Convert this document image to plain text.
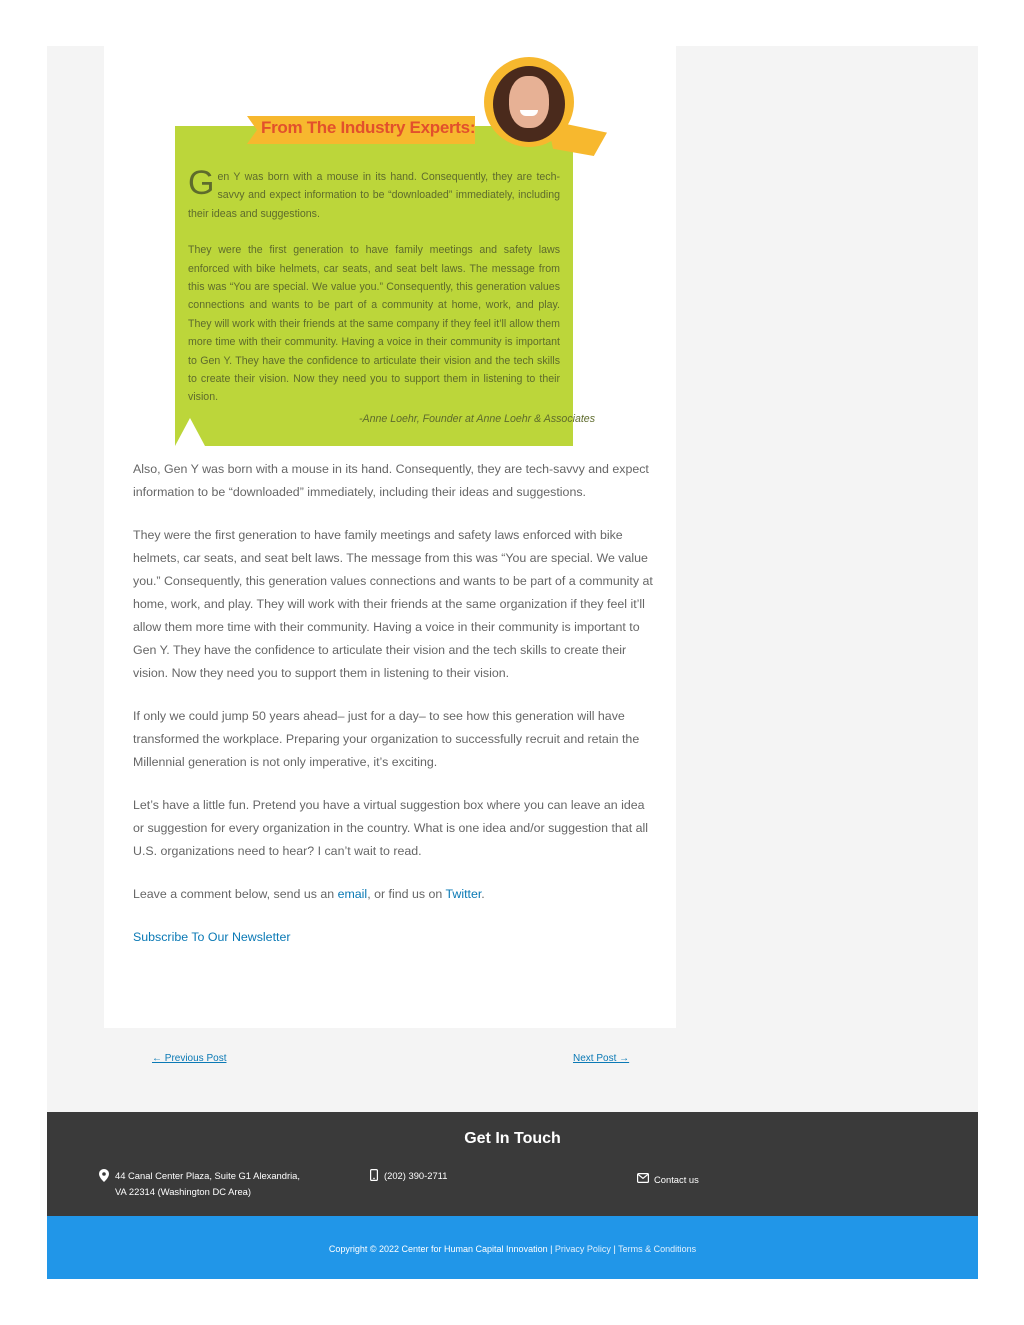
From The Industry Experts:

Gen Y was born with a mouse in its hand. Consequently, they are tech-savvy and expect information to be “downloaded” immediately, including their ideas and suggestions.

They were the first generation to have family meetings and safety laws enforced with bike helmets, car seats, and seat belt laws. The message from this was “You are special. We value you.” Consequently, this generation values connections and wants to be part of a community at home, work, and play. They will work with their friends at the same company if they feel it’ll allow them more time with their community. Having a voice in their community is important to Gen Y. They have the confidence to articulate their vision and the tech skills to create their vision. Now they need you to support them in listening to their vision.

-Anne Loehr, Founder at Anne Loehr & Associates

Also, Gen Y was born with a mouse in its hand. Consequently, they are tech-savvy and expect information to be “downloaded” immediately, including their ideas and suggestions.

They were the first generation to have family meetings and safety laws enforced with bike helmets, car seats, and seat belt laws. The message from this was “You are special. We value you.” Consequently, this generation values connections and wants to be part of a community at home, work, and play. They will work with their friends at the same organization if they feel it’ll allow them more time with their community. Having a voice in their community is important to Gen Y. They have the confidence to articulate their vision and the tech skills to create their vision. Now they need you to support them in listening to their vision.

If only we could jump 50 years ahead– just for a day– to see how this generation will have transformed the workplace. Preparing your organization to successfully recruit and retain the Millennial generation is not only imperative, it’s exciting.

Let’s have a little fun. Pretend you have a virtual suggestion box where you can leave an idea or suggestion for every organization in the country. What is one idea and/or suggestion that all U.S. organizations need to hear? I can’t wait to read.

Leave a comment below, send us an email, or find us on Twitter.

Subscribe To Our Newsletter

← Previous Post	Next Post →
Get In Touch
44 Canal Center Plaza, Suite G1 Alexandria,
VA 22314 (Washington DC Area)
(202) 390-2711	Contact us
Copyright © 2022 Center for Human Capital Innovation | Privacy Policy | Terms & Conditions
